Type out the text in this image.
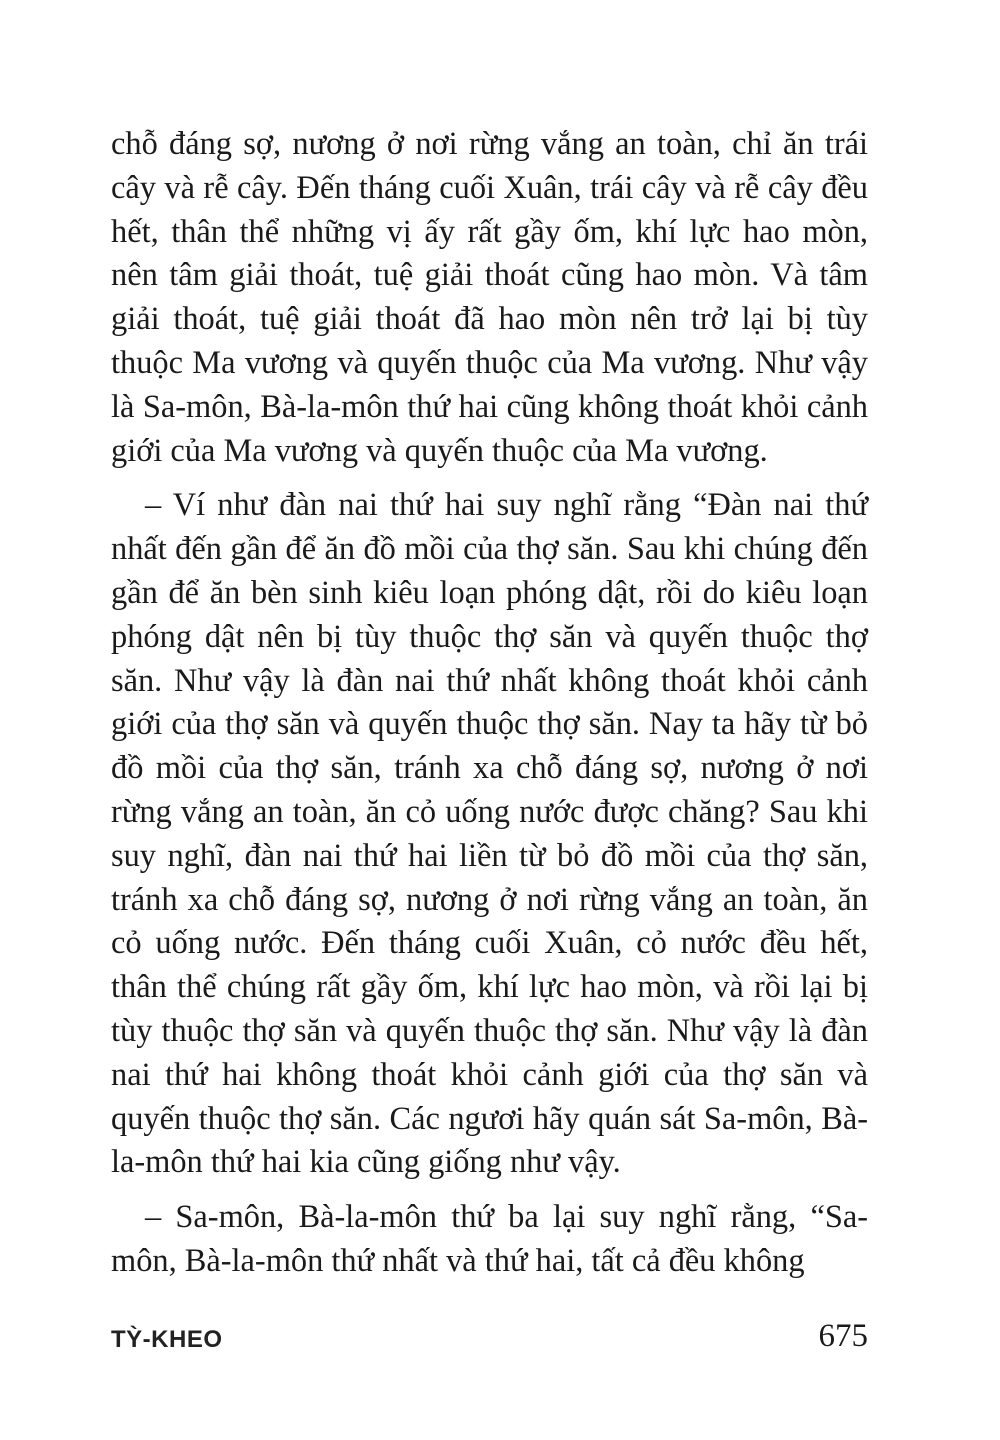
chỗ đáng sợ, nương ở nơi rừng vắng an toàn, chỉ ăn trái cây và rễ cây. Đến tháng cuối Xuân, trái cây và rễ cây đều hết, thân thể những vị ấy rất gầy ốm, khí lực hao mòn, nên tâm giải thoát, tuệ giải thoát cũng hao mòn. Và tâm giải thoát, tuệ giải thoát đã hao mòn nên trở lại bị tùy thuộc Ma vương và quyến thuộc của Ma vương. Như vậy là Sa-môn, Bà-la-môn thứ hai cũng không thoát khỏi cảnh giới của Ma vương và quyến thuộc của Ma vương.

– Ví như đàn nai thứ hai suy nghĩ rằng “Đàn nai thứ nhất đến gần để ăn đồ mồi của thợ săn. Sau khi chúng đến gần để ăn bèn sinh kiêu loạn phóng dật, rồi do kiêu loạn phóng dật nên bị tùy thuộc thợ săn và quyến thuộc thợ săn. Như vậy là đàn nai thứ nhất không thoát khỏi cảnh giới của thợ săn và quyến thuộc thợ săn. Nay ta hãy từ bỏ đồ mồi của thợ săn, tránh xa chỗ đáng sợ, nương ở nơi rừng vắng an toàn, ăn cỏ uống nước được chăng? Sau khi suy nghĩ, đàn nai thứ hai liền từ bỏ đồ mồi của thợ săn, tránh xa chỗ đáng sợ, nương ở nơi rừng vắng an toàn, ăn cỏ uống nước. Đến tháng cuối Xuân, cỏ nước đều hết, thân thể chúng rất gầy ốm, khí lực hao mòn, và rồi lại bị tùy thuộc thợ săn và quyến thuộc thợ săn. Như vậy là đàn nai thứ hai không thoát khỏi cảnh giới của thợ săn và quyến thuộc thợ săn. Các ngươi hãy quán sát Sa-môn, Bà-la-môn thứ hai kia cũng giống như vậy.

– Sa-môn, Bà-la-môn thứ ba lại suy nghĩ rằng, “Sa-môn, Bà-la-môn thứ nhất và thứ hai, tất cả đều không

TỲ-KHEO	675
